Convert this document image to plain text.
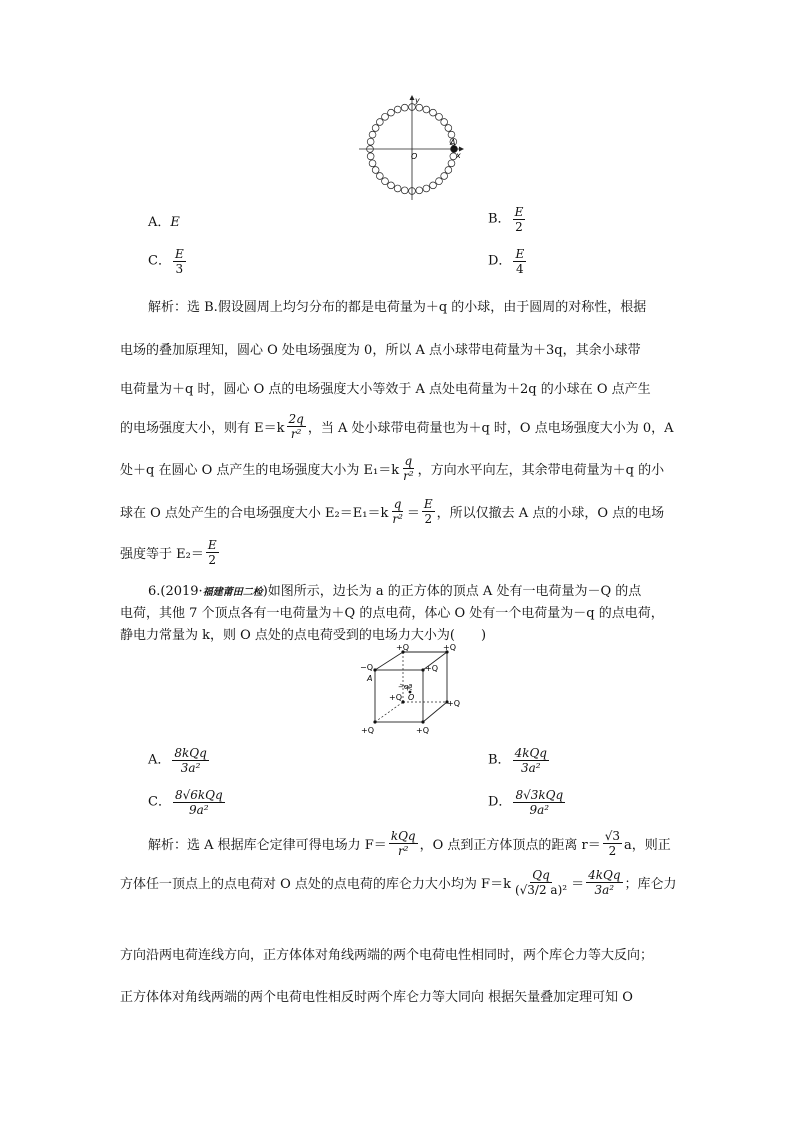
y
x
O
A
A．E	B． $\frac{E}{2}$
C． $\frac{E}{3}$	D． $\frac{E}{4}$
解析：选 B.假设圆周上均匀分布的都是电荷量为＋q 的小球，由于圆周的对称性，根据
电场的叠加原理知，圆心 O 处电场强度为 0，所以 A 点小球带电荷量为＋3q，其余小球带
电荷量为＋q 时，圆心 O 点的电场强度大小等效于 A 点处电荷量为＋2q 的小球在 O 点产生
的电场强度大小，则有 $E=k \frac{2q}{\text{r²}}$ ，当 A 处小球带电荷量也为＋q 时，O 点电场强度大小为 0，A
处＋q 在圆心 O 点产生的电场强度大小为 $E_1=k \frac{q}{\text{r²}}$ ，方向水平向左，其余带电荷量为＋q 的小
球在 O 点处产生的合电场强度大小 $E_2=E_1=k \frac{q}{\text{r²}} = \frac{E}{2}$ ，所以仅撤去 A 点的小球，O 点的电场
强度等于 $E_2= \frac{E}{2}$
6.(2019·福建莆田二检)如图所示，边长为 a 的正方体的顶点 A 处有一电荷量为－Q 的点
电荷，其他 7 个顶点各有一电荷量为＋Q 的点电荷，体心 O 处有一个电荷量为－q 的点电荷，
静电力常量为 k，则 O 点处的点电荷受到的电场力大小为(　　)
+Q	+Q
−Q
A
+Q
−q a
+Q O
+Q
+Q	+Q
A． $\frac{\text{8kQq}}{\text{3a²}}$	B． $\frac{\text{4kQq}}{\text{3a²}}$
C． $\frac{\text{8√6kQq}}{\text{9a²}}$	D． $\frac{\text{8√3kQq}}{\text{9a²}}$
解析：选 A 根据库仑定律可得电场力 $F= \frac{\text{kQq}}{\text{r²}}$ ，O 点到正方体顶点的距离 $r= \frac{√3}{2}$ a，则正
方体任一顶点上的点电荷对 O 点处的点电荷的库仑力大小均为 $F=k \frac{Qq}{\text{(√3/2 a)²}} = \frac{\text{4kQq}}{\text{3a²}}$ ；库仑力
方向沿两电荷连线方向，正方体体对角线两端的两个电荷电性相同时，两个库仑力等大反向；
正方体体对角线两端的两个电荷电性相反时两个库仑力等大同向 根据矢量叠加定理可知 O
